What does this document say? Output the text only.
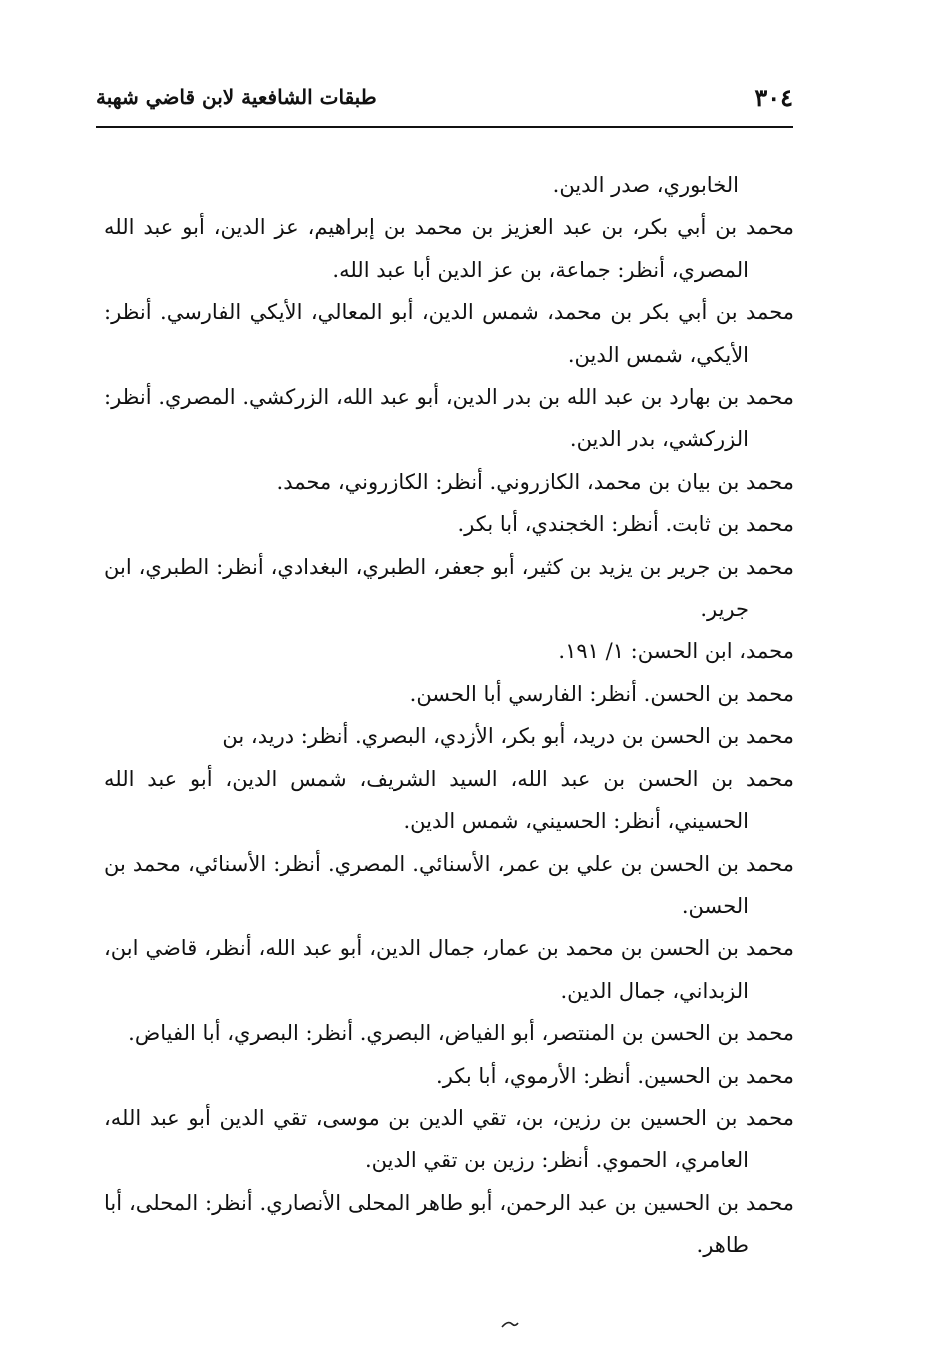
٣٠٤
طبقات الشافعية لابن قاضي شهبة

الخابوري، صدر الدين.

محمد بن أبي بكر، بن عبد العزيز بن محمد بن إبراهيم، عز الدين، أبو عبد الله المصري، أنظر: جماعة، بن عز الدين أبا عبد الله.

محمد بن أبي بكر بن محمد، شمس الدين، أبو المعالي، الأيكي الفارسي. أنظر: الأيكي، شمس الدين.

محمد بن بهارد بن عبد الله بن بدر الدين، أبو عبد الله، الزركشي. المصري. أنظر: الزركشي، بدر الدين.

محمد بن بيان بن محمد، الكازروني. أنظر: الكازروني، محمد.

محمد بن ثابت. أنظر: الخجندي، أبا بكر.

محمد بن جرير بن يزيد بن كثير، أبو جعفر، الطبري، البغدادي، أنظر: الطبري، ابن جرير.

محمد، ابن الحسن: ١/ ١٩١.

محمد بن الحسن. أنظر: الفارسي أبا الحسن.

محمد بن الحسن بن دريد، أبو بكر، الأزدي، البصري. أنظر: دريد، بن

محمد بن الحسن بن عبد الله، السيد الشريف، شمس الدين، أبو عبد الله الحسيني، أنظر: الحسيني، شمس الدين.

محمد بن الحسن بن علي بن عمر، الأسنائي. المصري. أنظر: الأسنائي، محمد بن الحسن.

محمد بن الحسن بن محمد بن عمار، جمال الدين، أبو عبد الله، أنظر، قاضي ابن، الزبداني، جمال الدين.

محمد بن الحسن بن المنتصر، أبو الفياض، البصري. أنظر: البصري، أبا الفياض.

محمد بن الحسين. أنظر: الأرموي، أبا بكر.

محمد بن الحسين بن رزين، بن، تقي الدين بن موسى، تقي الدين أبو عبد الله، العامري، الحموي. أنظر: رزين بن تقي الدين.

محمد بن الحسين بن عبد الرحمن، أبو طاهر المحلى الأنصاري. أنظر: المحلى، أبا طاهر.
